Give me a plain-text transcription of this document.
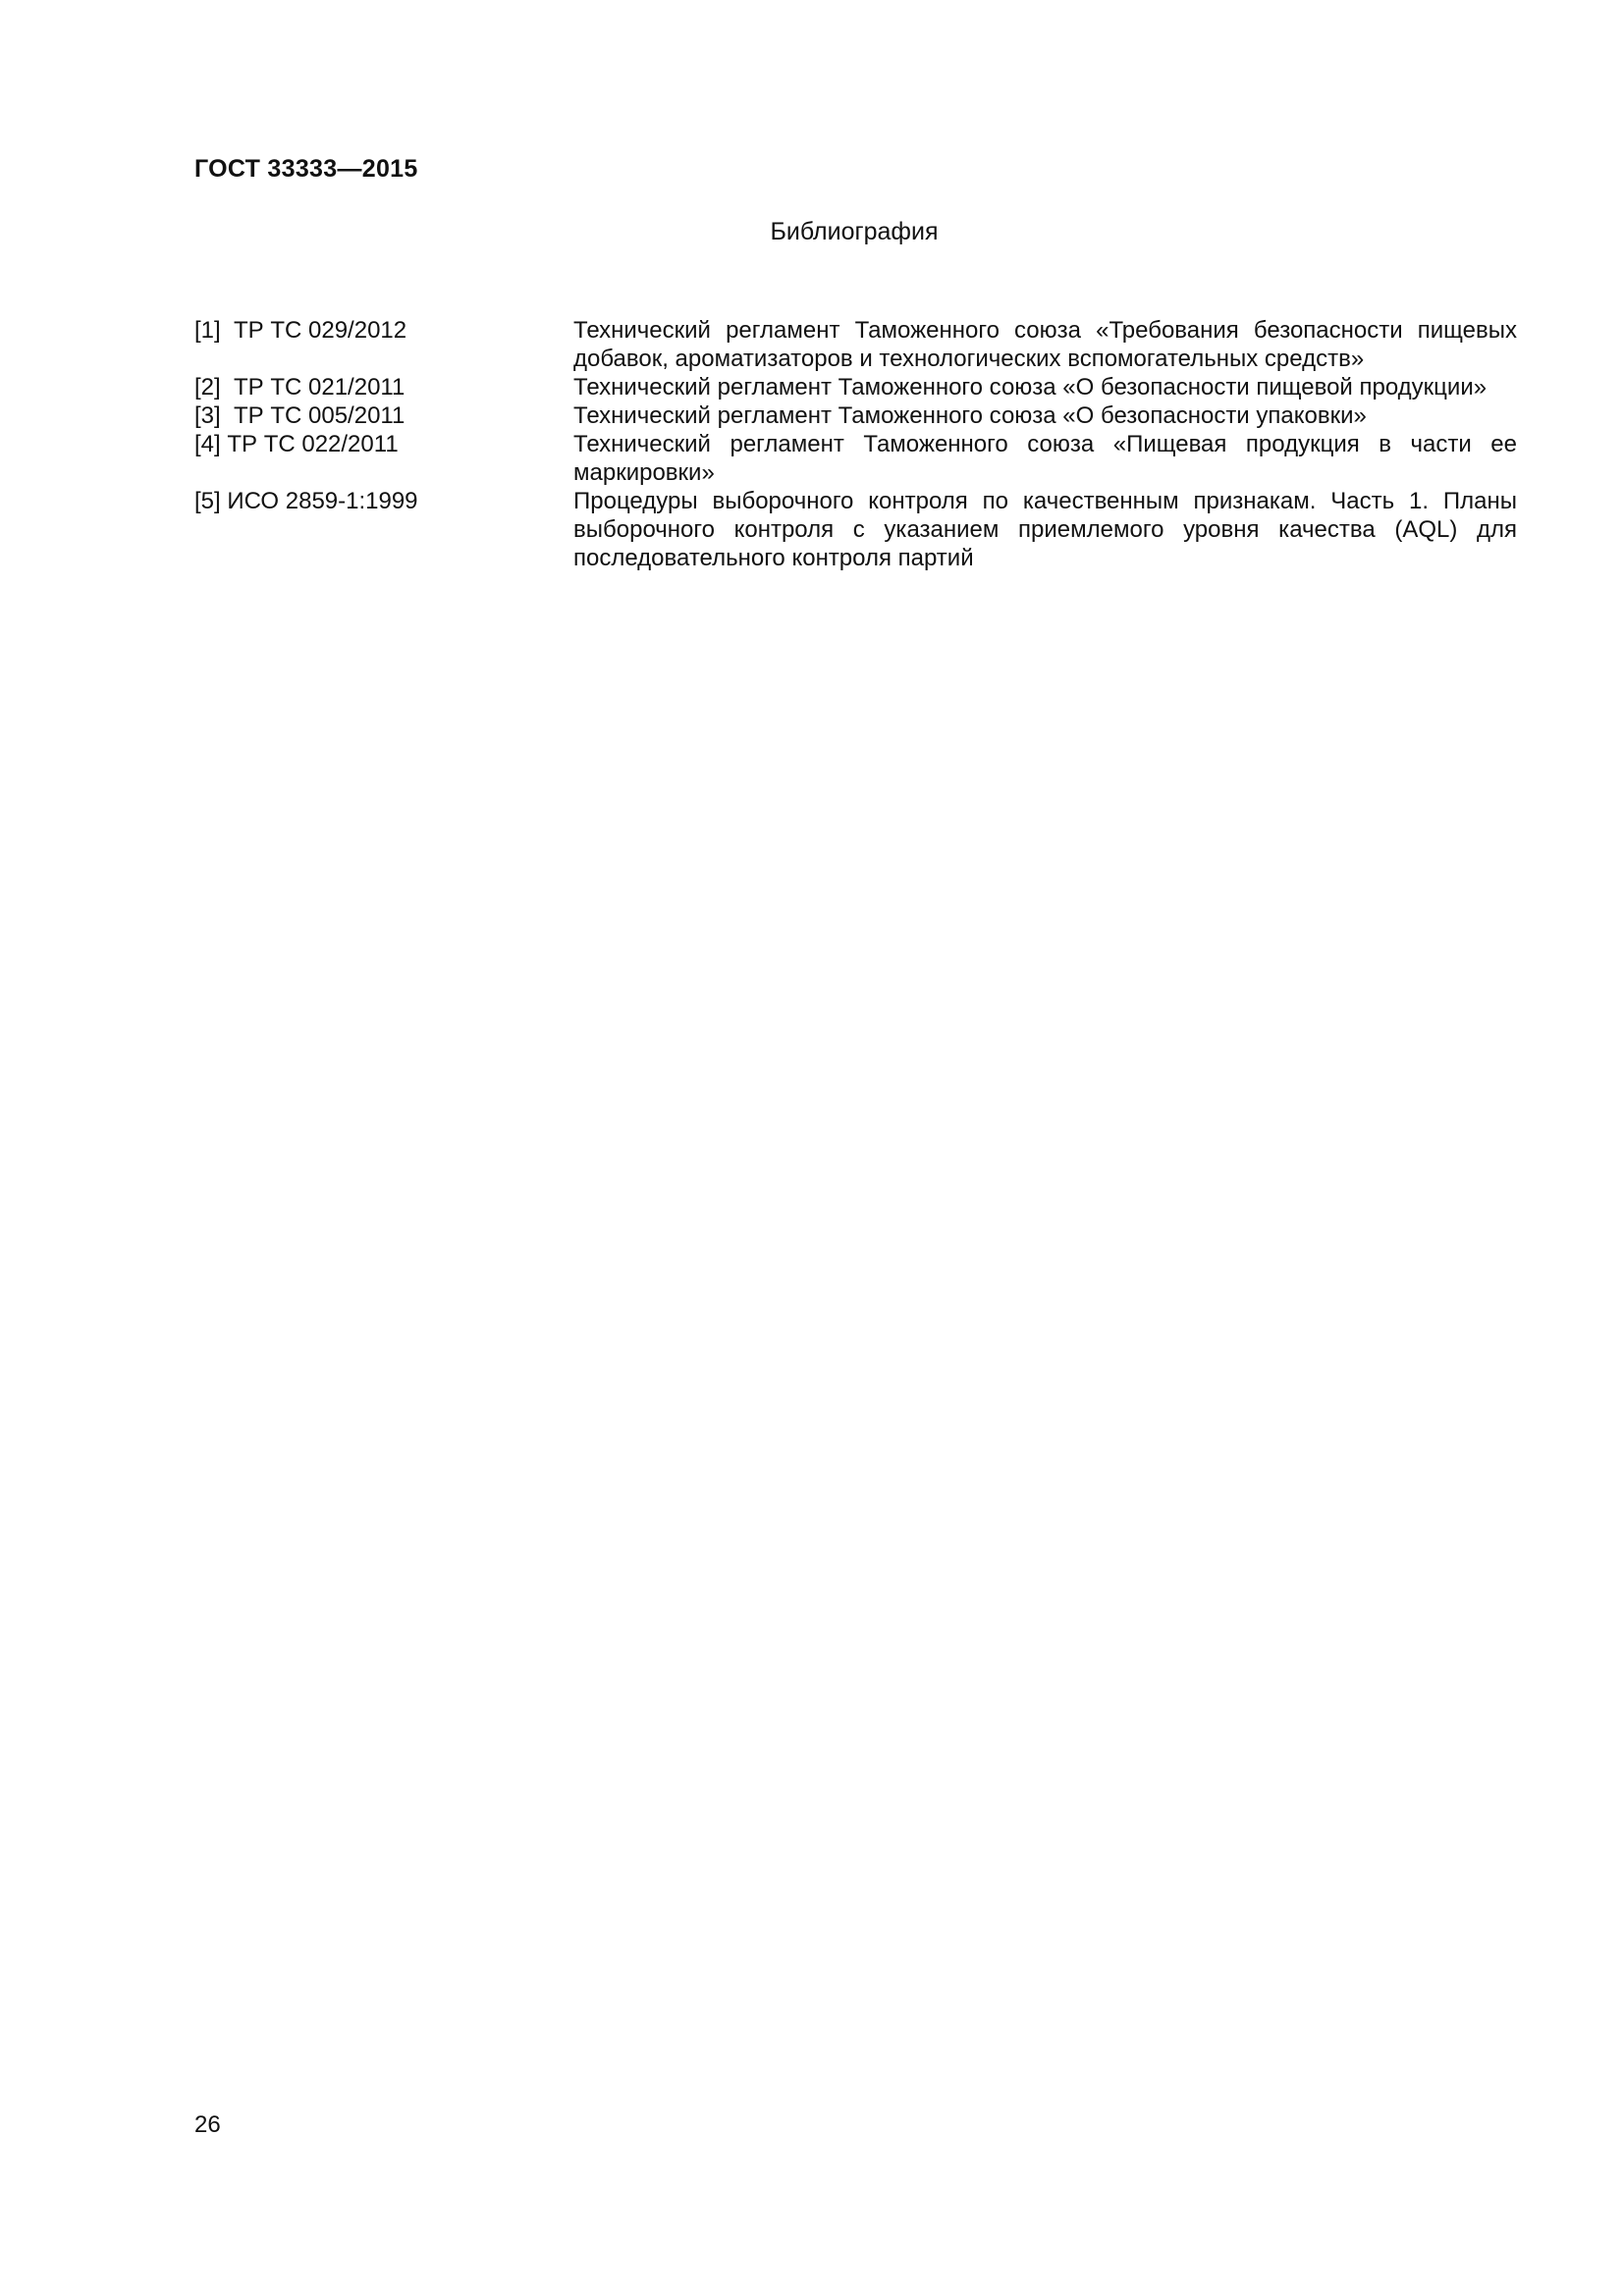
ГОСТ 33333—2015
Библиография
[1]  ТР ТС 029/2012	Технический регламент Таможенного союза «Требования безопасности пищевых добавок, ароматизаторов и технологических вспомогательных средств»
[2]  ТР ТС 021/2011	Технический регламент Таможенного союза «О безопасности пищевой продукции»
[3]  ТР ТС 005/2011	Технический регламент Таможенного союза «О безопасности упаковки»
[4] ТР ТС 022/2011	Технический регламент Таможенного союза «Пищевая продукция в части ее маркировки»
[5] ИСО 2859-1:1999	Процедуры выборочного контроля по качественным признакам. Часть 1. Планы выборочного контроля с указанием приемлемого уровня качества (AQL) для последовательного контроля партий
26
